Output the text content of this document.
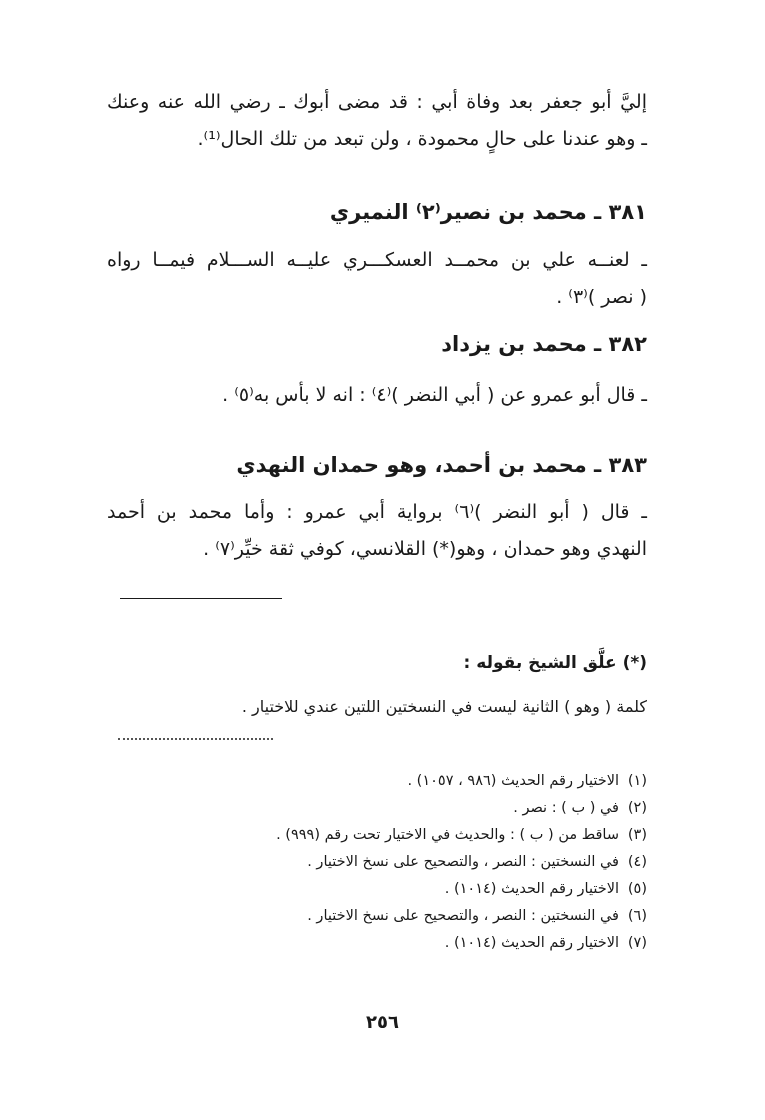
إليَّ أبو جعفر بعد وفاة أبي : قد مضى أبوك ـ رضي الله عنه وعنك
ـ وهو عندنا على حالٍ محمودة ، ولن تبعد من تلك الحال⁽¹⁾.
٣٨١ ـ محمد بن نصير⁽٢⁾ النميري
ـ لعنــه علي بن محمــد العسكـــري عليــه الســـلام فيمــا رواه
( نصر )⁽٣⁾ .
٣٨٢ ـ محمد بن يزداد
ـ قال أبو عمرو عن ( أبي النضر )⁽٤⁾ : انه لا بأس به⁽٥⁾ .
٣٨٣ ـ محمد بن أحمد، وهو حمدان النهدي
ـ قال ( أبو النضر )⁽٦⁾ برواية أبي عمرو : وأما محمد بن أحمد
النهدي وهو حمدان ، وهو(*) القلانسي، كوفي ثقة خيِّر⁽٧⁾ .
(*) علَّق الشيخ بقوله :
كلمة ( وهو ) الثانية ليست في النسختين اللتين عندي للاختيار .
(١)
الاختيار رقم الحديث (٩٨٦ ، ١٠٥٧) .
(٢)
في ( ب ) : نصر .
(٣)
ساقط من ( ب ) : والحديث في الاختيار تحت رقم (٩٩٩) .
(٤)
في النسختين : النصر ، والتصحيح على نسخ الاختيار .
(٥)
الاختيار رقم الحديث (١٠١٤) .
(٦)
في النسختين : النصر ، والتصحيح على نسخ الاختيار .
(٧)
الاختيار رقم الحديث (١٠١٤) .
٢٥٦
